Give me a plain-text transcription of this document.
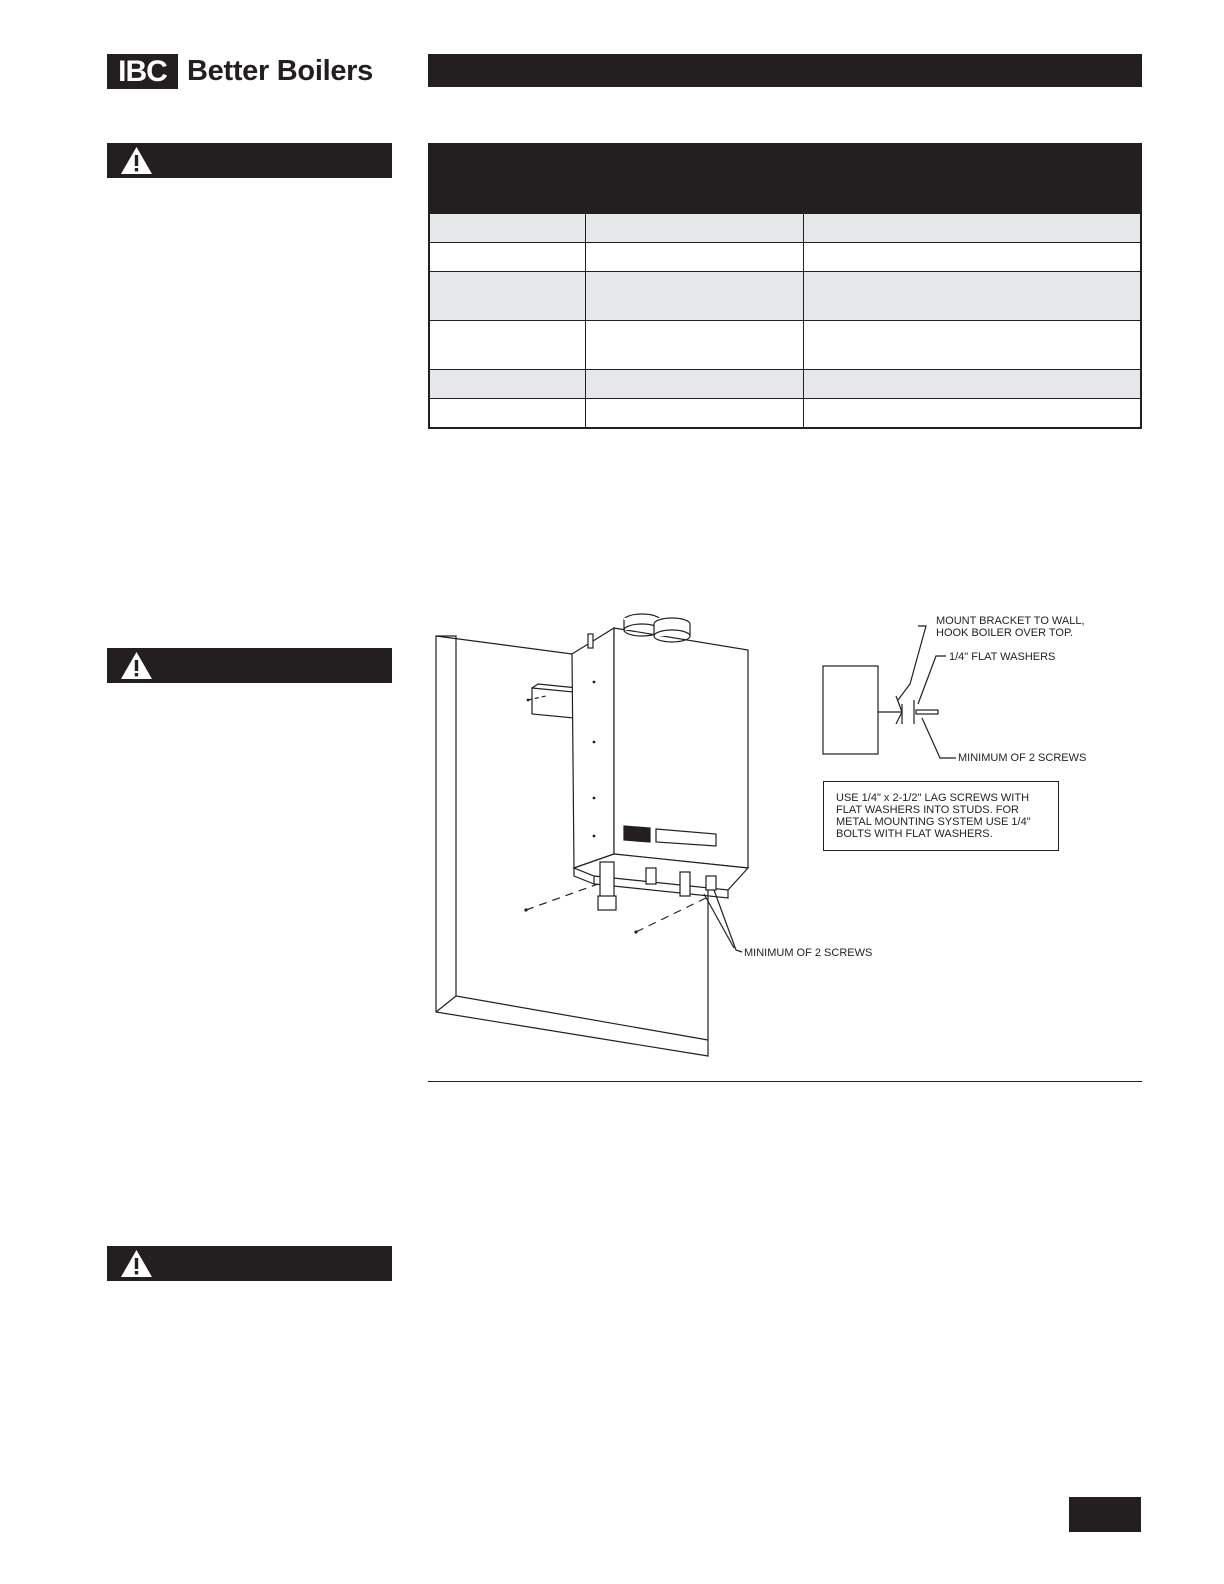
IBC Better Boilers

MOUNT BRACKET TO WALL,
HOOK BOILER OVER TOP.
1/4" FLAT WASHERS
MINIMUM OF 2 SCREWS
MINIMUM OF 2 SCREWS
USE 1/4" x 2-1/2" LAG SCREWS WITH
FLAT WASHERS INTO STUDS. FOR
METAL MOUNTING SYSTEM USE 1/4"
BOLTS WITH FLAT WASHERS.
